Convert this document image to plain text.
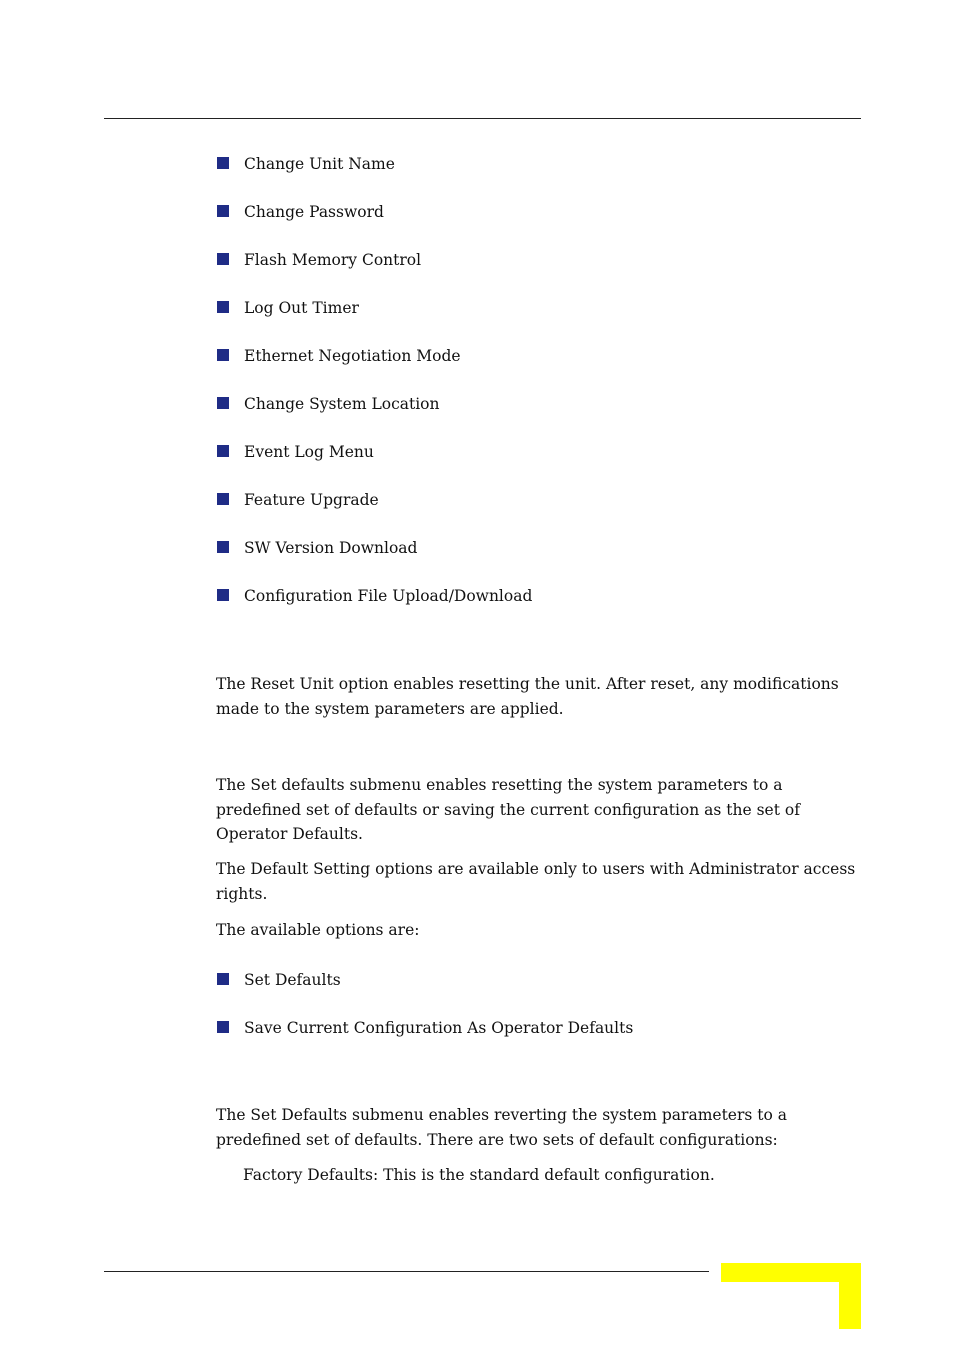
Change Unit Name
Change Password
Flash Memory Control
Log Out Timer
Ethernet Negotiation Mode
Change System Location
Event Log Menu
Feature Upgrade
SW Version Download
Configuration File Upload/Download

The Reset Unit option enables resetting the unit. After reset, any modifications made to the system parameters are applied.

The Set defaults submenu enables resetting the system parameters to a predefined set of defaults or saving the current configuration as the set of Operator Defaults.

The Default Setting options are available only to users with Administrator access rights.

The available options are:

Set Defaults
Save Current Configuration As Operator Defaults

The Set Defaults submenu enables reverting the system parameters to a predefined set of defaults. There are two sets of default configurations:

Factory Defaults: This is the standard default configuration.
